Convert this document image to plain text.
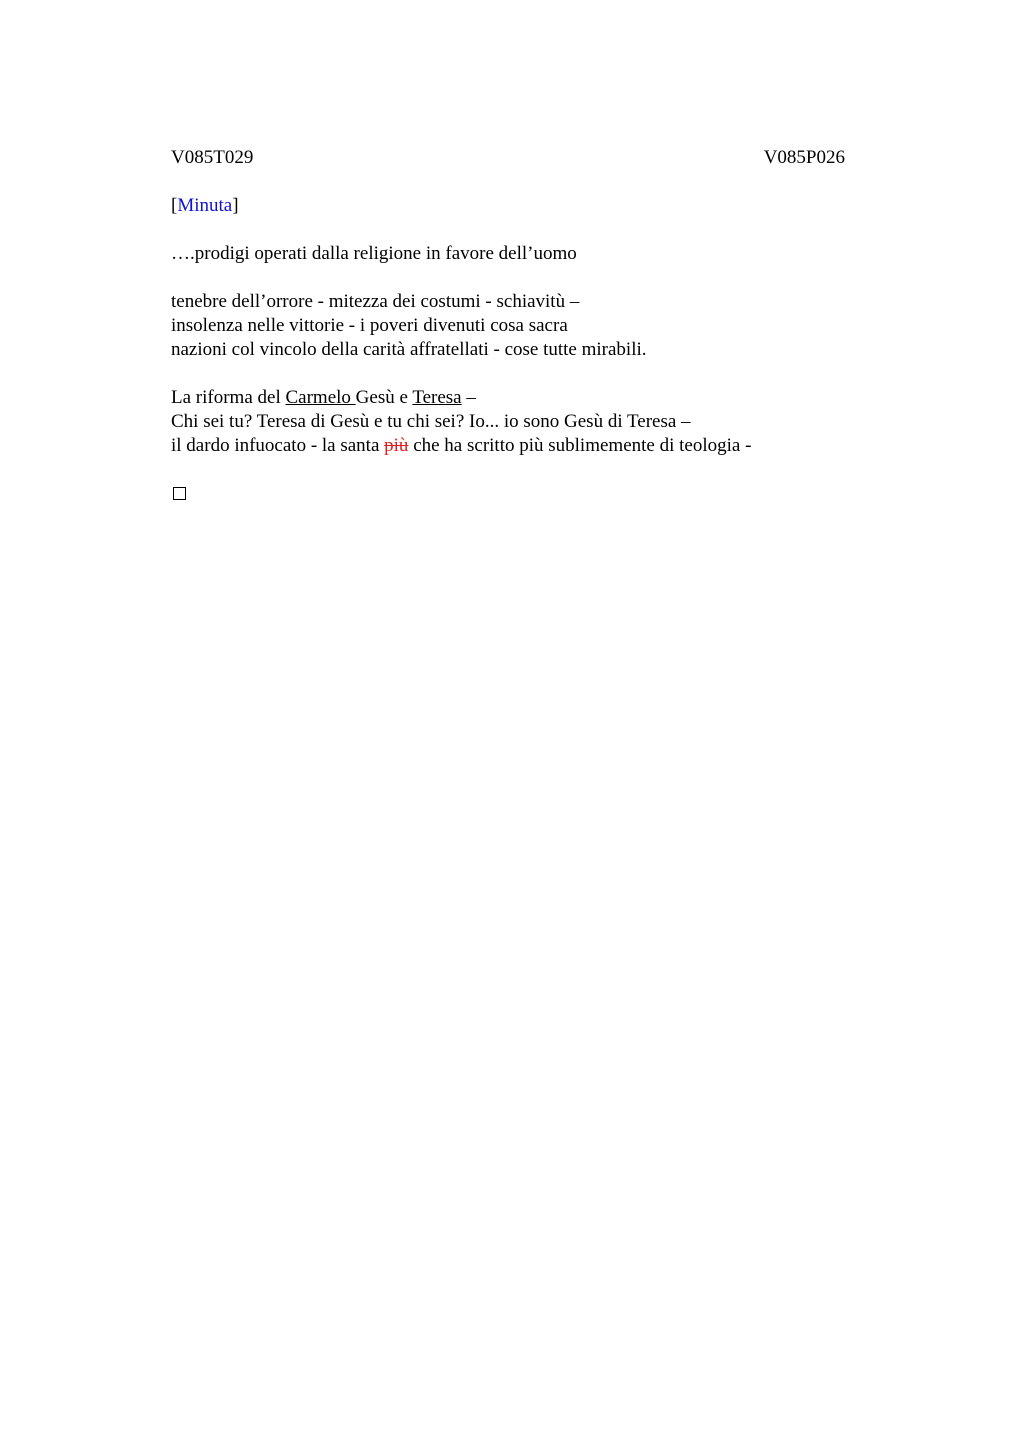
V085T029	V085P026
[Minuta]
….prodigi operati dalla religione in favore dell’uomo
tenebre dell’orrore - mitezza dei costumi - schiavitù –
insolenza nelle vittorie - i poveri divenuti cosa sacra
nazioni col vincolo della carità affratellati - cose tutte mirabili.
La riforma del Carmelo Gesù e Teresa –
Chi sei tu? Teresa di Gesù e tu chi sei? Io... io sono Gesù di Teresa –
il dardo infuocato - la santa più che ha scritto più sublimemente di teologia -
